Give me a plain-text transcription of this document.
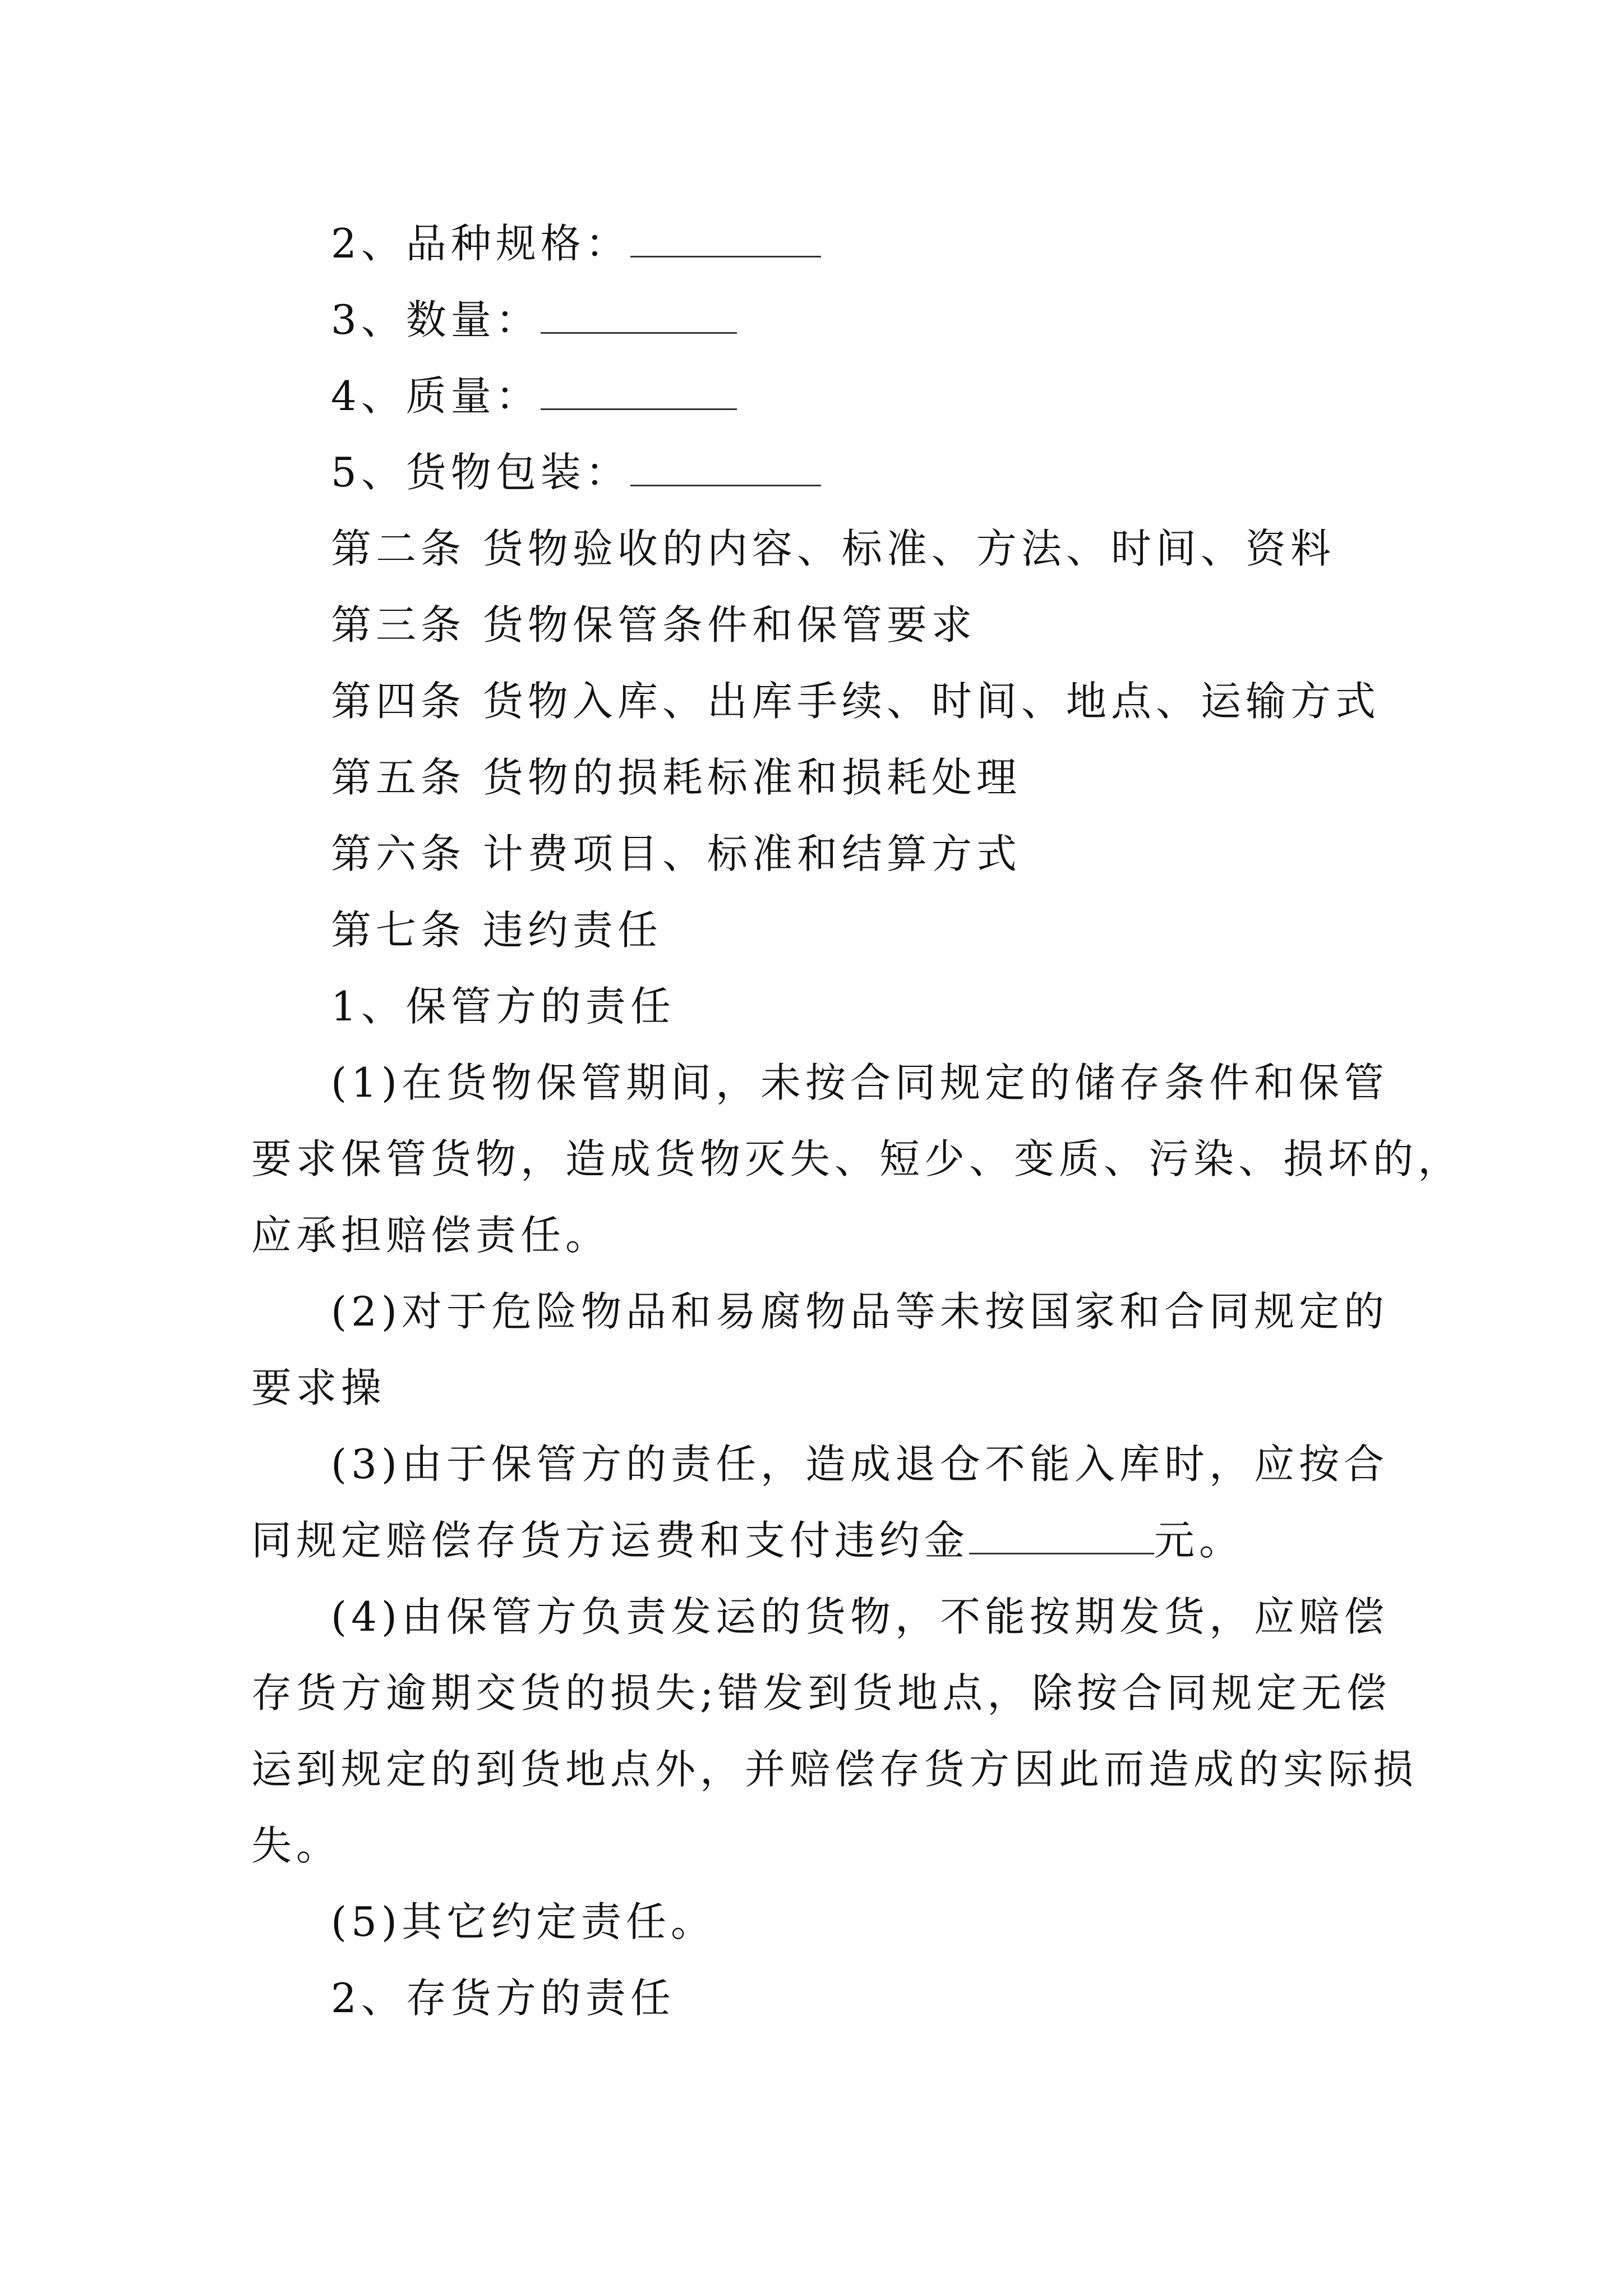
2、品种规格：
3、数量：
4、质量：
5、货物包装：
第二条 货物验收的内容、标准、方法、时间、资料
第三条 货物保管条件和保管要求
第四条 货物入库、出库手续、时间、地点、运输方式
第五条 货物的损耗标准和损耗处理
第六条 计费项目、标准和结算方式
第七条 违约责任
1、保管方的责任
(1)在货物保管期间，未按合同规定的储存条件和保管
要求保管货物，造成货物灭失、短少、变质、污染、损坏的，
应承担赔偿责任。
(2)对于危险物品和易腐物品等未按国家和合同规定的
要求操
(3)由于保管方的责任，造成退仓不能入库时，应按合
同规定赔偿存货方运费和支付违约金	元。
(4)由保管方负责发运的货物，不能按期发货，应赔偿
存货方逾期交货的损失;错发到货地点，除按合同规定无偿
运到规定的到货地点外，并赔偿存货方因此而造成的实际损
失。
(5)其它约定责任。
2、存货方的责任
